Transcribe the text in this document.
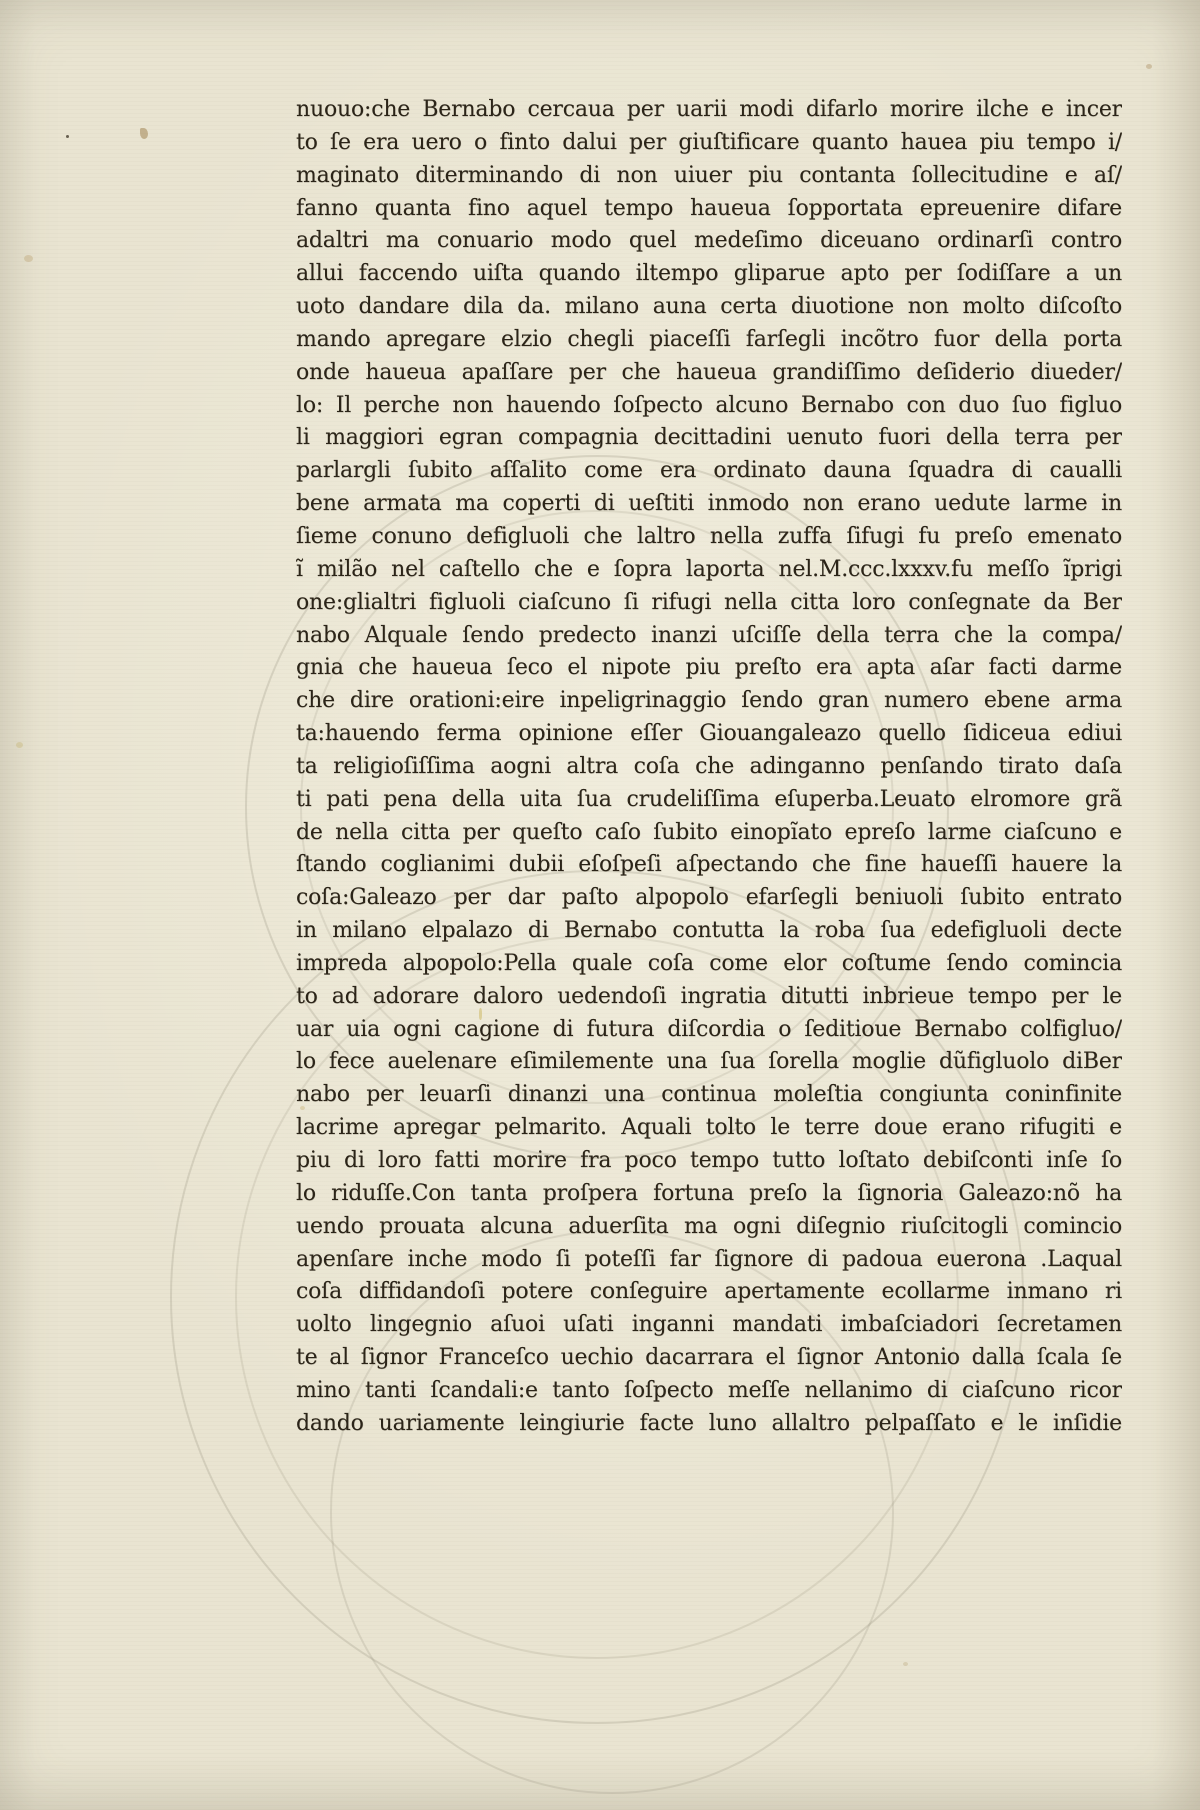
nuouo:che Bernabo cercaua per uarii modi difarlo morire ilche e incer
to ſe era uero o finto dalui per giuſtificare quanto hauea piu tempo i/
maginato diterminando di non uiuer piu contanta ſollecitudine e aſ/
fanno quanta fino aquel tempo haueua ſopportata epreuenire difare
adaltri ma conuario modo quel medeſimo diceuano ordinarſi contro
allui faccendo uiſta quando iltempo gliparue apto per ſodiſſare a un
uoto dandare dila da. milano auna certa diuotione non molto diſcoſto
mando apregare elzio chegli piaceſſi farſegli incõtro fuor della porta
onde haueua apaſſare per che haueua grandiſſimo deſiderio diueder/
lo: Il perche non hauendo ſoſpecto alcuno Bernabo con duo ſuo figluo
li maggiori egran compagnia decittadini uenuto fuori della terra per
parlargli ſubito aſſalito come era ordinato dauna ſquadra di caualli
bene armata ma coperti di ueſtiti inmodo non erano uedute larme in
ſieme conuno defigluoli che laltro nella zuffa ſifugi fu preſo emenato
ĩ milão nel caſtello che e ſopra laporta nel.M.ccc.lxxxv.fu meſſo ĩprigi
one:glialtri figluoli ciaſcuno ſi rifugi nella citta loro conſegnate da Ber
nabo Alquale ſendo predecto inanzi uſciſſe della terra che la compa/
gnia che haueua ſeco el nipote piu preſto era apta aſar facti darme
che dire orationi:eire inpeligrinaggio ſendo gran numero ebene arma
ta:hauendo ferma opinione eſſer Giouangaleazo quello ſidiceua ediui
ta religioſiſſima aogni altra coſa che adinganno penſando tirato daſa
ti pati pena della uita ſua crudeliſſima eſuperba.Leuato elromore grã
de nella citta per queſto caſo ſubito einopĩato epreſo larme ciaſcuno e
ſtando coglianimi dubii eſoſpeſi aſpectando che fine haueſſi hauere la
coſa:Galeazo per dar paſto alpopolo efarſegli beniuoli ſubito entrato
in milano elpalazo di Bernabo contutta la roba ſua edefigluoli decte
impreda alpopolo:Pella quale coſa come elor coſtume ſendo comincia
to ad adorare daloro uedendoſi ingratia ditutti inbrieue tempo per le
uar uia ogni cagione di futura diſcordia o ſeditioue Bernabo colfigluo/
lo fece auelenare eſimilemente una ſua ſorella moglie dũfigluolo diBer
nabo per leuarſi dinanzi una continua moleſtia congiunta coninfinite
lacrime apregar pelmarito. Aquali tolto le terre doue erano rifugiti e
piu di loro fatti morire fra poco tempo tutto loſtato debiſconti inſe ſo
lo riduſſe.Con tanta proſpera fortuna preſo la ſignoria Galeazo:nõ ha
uendo prouata alcuna aduerſita ma ogni diſegnio riuſcitogli comincio
apenſare inche modo ſi poteſſi far ſignore di padoua euerona .Laqual
coſa diffidandoſi potere conſeguire apertamente ecollarme inmano ri
uolto lingegnio aſuoi uſati inganni mandati imbaſciadori ſecretamen
te al ſignor Franceſco uechio dacarrara el ſignor Antonio dalla ſcala ſe
mino tanti ſcandali:e tanto ſoſpecto meſſe nellanimo di ciaſcuno ricor
dando uariamente leingiurie facte luno allaltro pelpaſſato e le inſidie
